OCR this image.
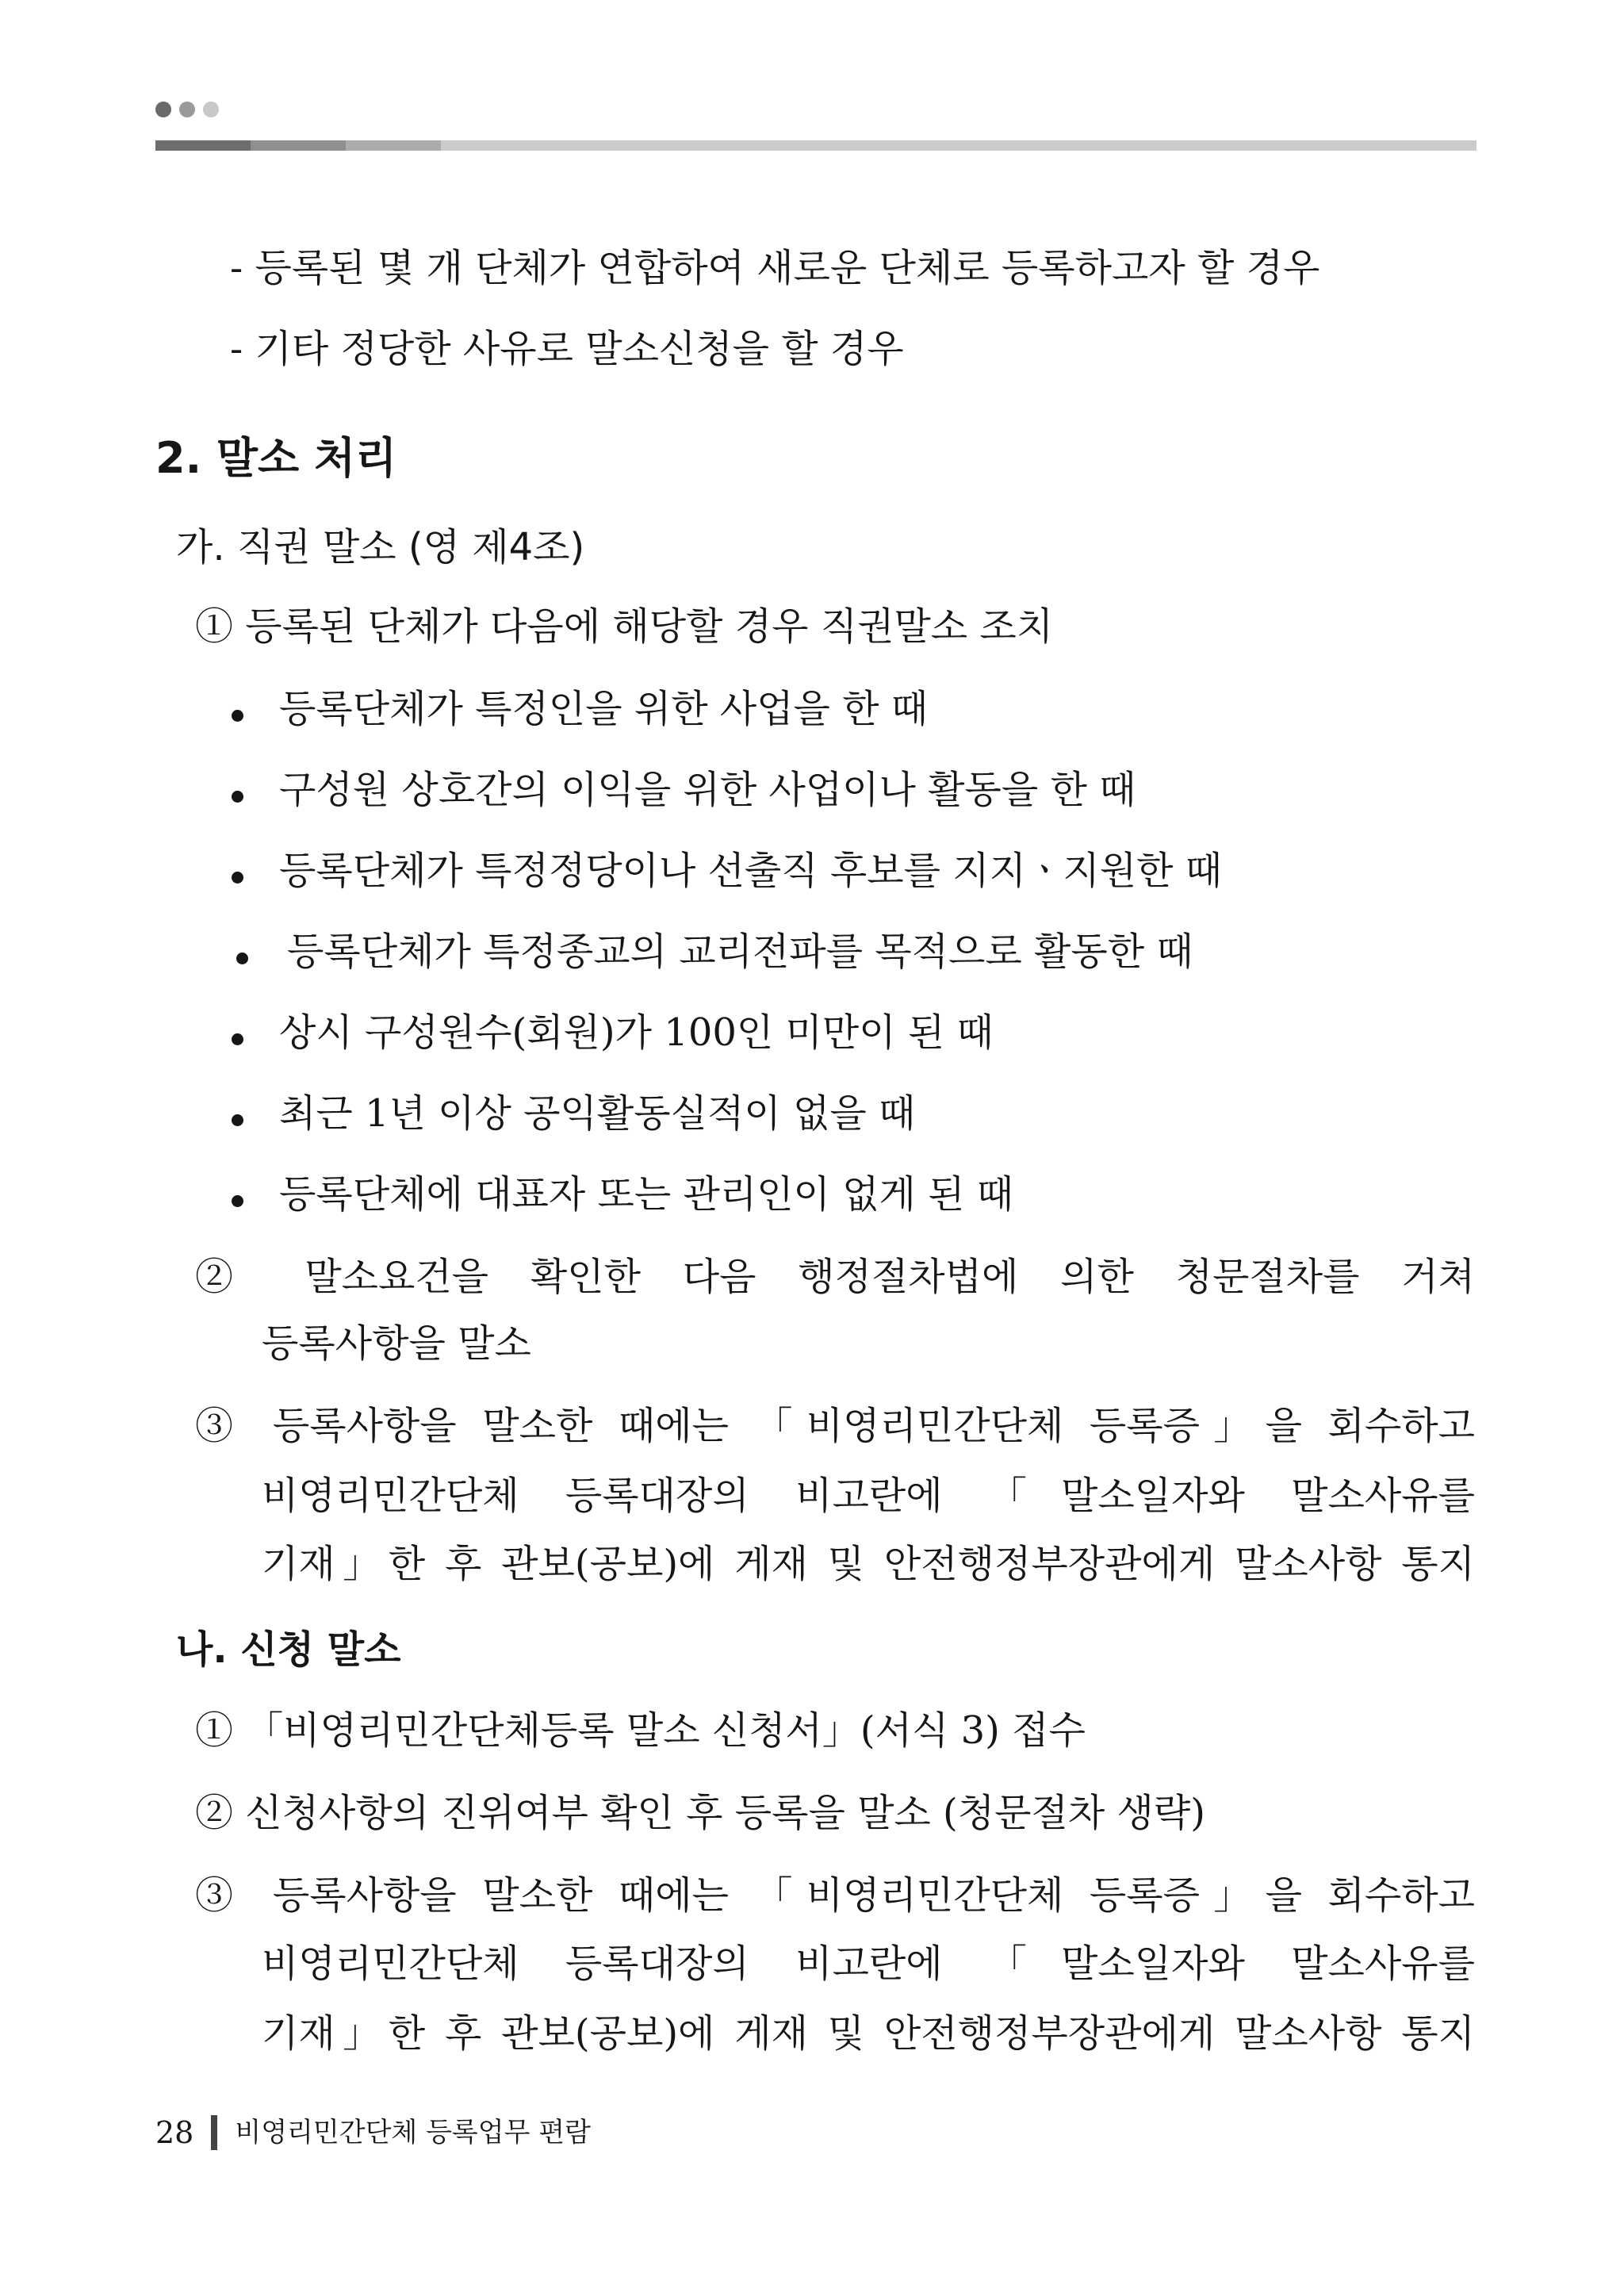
- 등록된 몇 개 단체가 연합하여 새로운 단체로 등록하고자 할 경우
- 기타 정당한 사유로 말소신청을 할 경우
2. 말소 처리
가. 직권 말소 (영 제4조)
① 등록된 단체가 다음에 해당할 경우 직권말소 조치
등록단체가 특정인을 위한 사업을 한 때
구성원 상호간의 이익을 위한 사업이나 활동을 한 때
등록단체가 특정정당이나 선출직 후보를 지지ㆍ지원한 때
등록단체가 특정종교의 교리전파를 목적으로 활동한 때
상시 구성원수(회원)가 100인 미만이 된 때
최근 1년 이상 공익활동실적이 없을 때
등록단체에 대표자 또는 관리인이 없게 된 때
② 말소요건을 확인한 다음 행정절차법에 의한 청문절차를 거쳐
등록사항을 말소
③ 등록사항을 말소한 때에는 「비영리민간단체 등록증」을 회수하고
비영리민간단체 등록대장의 비고란에 「말소일자와 말소사유를
기재」한 후 관보(공보)에 게재 및 안전행정부장관에게 말소사항 통지
나. 신청 말소
① 「비영리민간단체등록 말소 신청서」(서식 3) 접수
② 신청사항의 진위여부 확인 후 등록을 말소 (청문절차 생략)
③ 등록사항을 말소한 때에는 「비영리민간단체 등록증」을 회수하고
비영리민간단체 등록대장의 비고란에 「말소일자와 말소사유를
기재」한 후 관보(공보)에 게재 및 안전행정부장관에게 말소사항 통지
28 비영리민간단체 등록업무 편람
